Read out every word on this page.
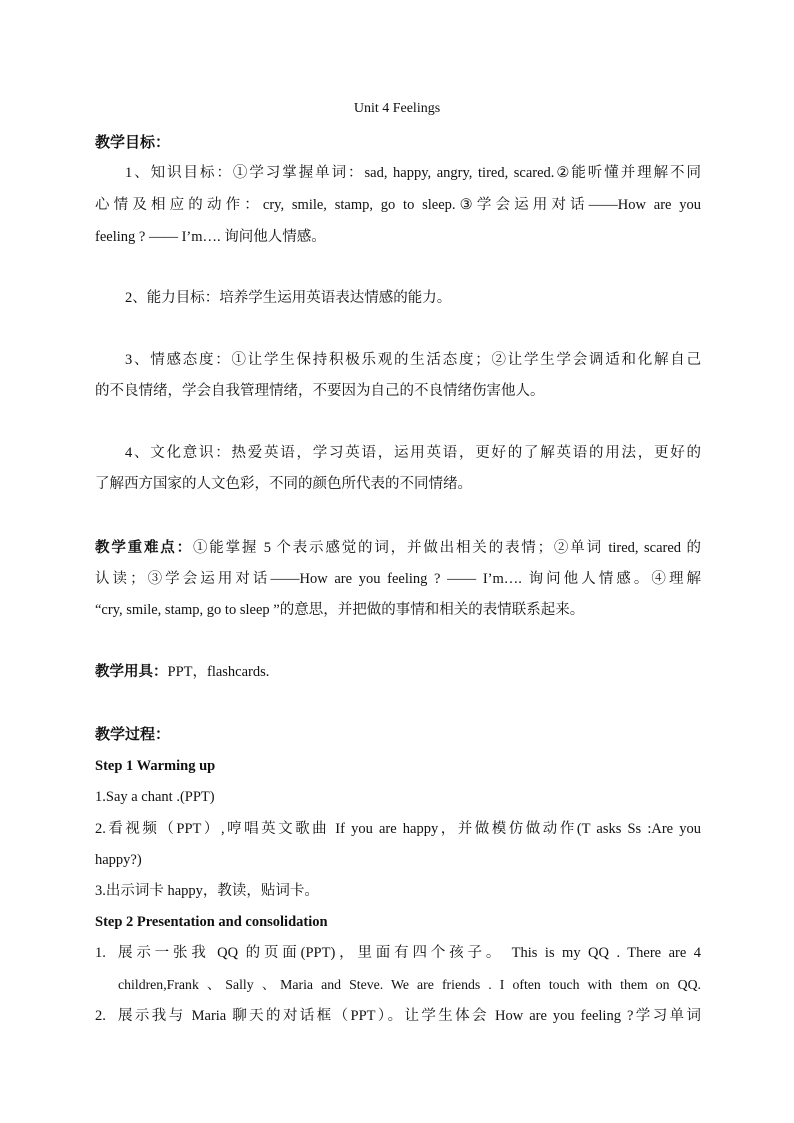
Unit 4 Feelings
教学目标：
1、知识目标：①学习掌握单词：sad, happy, angry, tired, scared.②能听懂并理解不同
心情及相应的动作：cry, smile, stamp, go to sleep.③学会运用对话——How are you
feeling ? —— I’m…. 询问他人情感。
2、能力目标：培养学生运用英语表达情感的能力。
3、情感态度：①让学生保持积极乐观的生活态度；②让学生学会调适和化解自己
的不良情绪，学会自我管理情绪，不要因为自己的不良情绪伤害他人。
4、文化意识：热爱英语，学习英语，运用英语，更好的了解英语的用法，更好的
了解西方国家的人文色彩，不同的颜色所代表的不同情绪。
教学重难点：①能掌握 5 个表示感觉的词，并做出相关的表情；②单词 tired, scared 的
认读；③学会运用对话——How are you feeling ? —— I’m…. 询问他人情感。④理解
“cry, smile, stamp, go to sleep ”的意思，并把做的事情和相关的表情联系起来。
教学用具：PPT，flashcards.
教学过程：
Step 1 Warming up
1.Say a chant .(PPT)
2.看视频（PPT）,哼唱英文歌曲 If you are happy，并做模仿做动作(T asks Ss :Are you
happy?)
3.出示词卡 happy，教读，贴词卡。
Step 2 Presentation and consolidation
1. 展示一张我 QQ 的页面(PPT)，里面有四个孩子。 This is my QQ . There are 4
children,Frank 、Sally 、Maria and Steve. We are friends . I often touch with them on QQ.
2. 展示我与 Maria 聊天的对话框（PPT）。让学生体会 How are you feeling ?学习单词
